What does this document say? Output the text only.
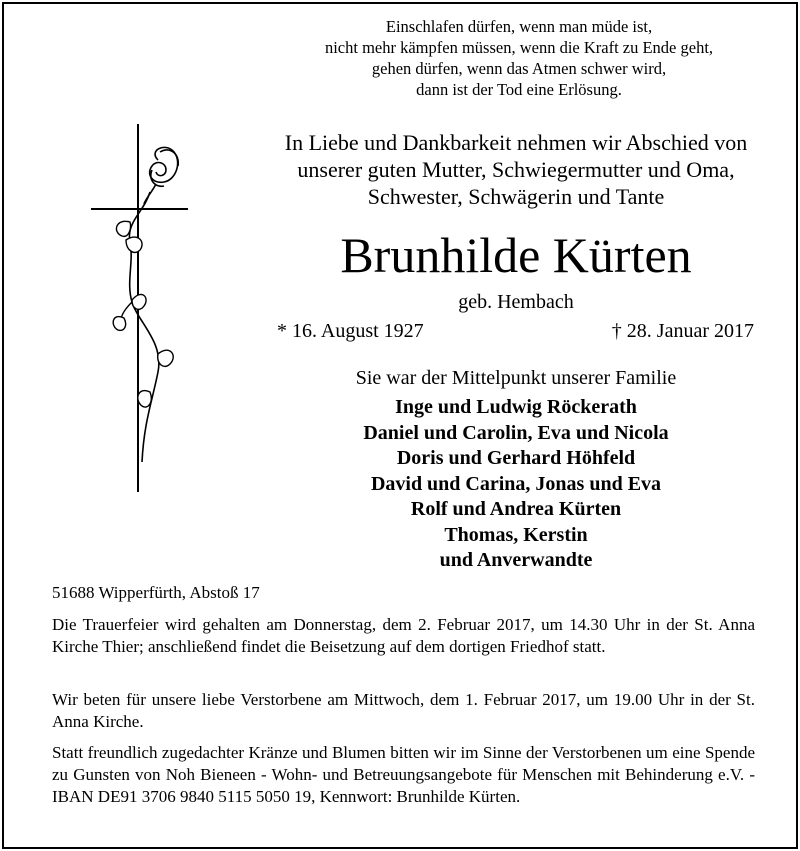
Einschlafen dürfen, wenn man müde ist,
nicht mehr kämpfen müssen, wenn die Kraft zu Ende geht,
gehen dürfen, wenn das Atmen schwer wird,
dann ist der Tod eine Erlösung.
In Liebe und Dankbarkeit nehmen wir Abschied von
unserer guten Mutter, Schwiegermutter und Oma,
Schwester, Schwägerin und Tante
Brunhilde Kürten
geb. Hembach
* 16. August 1927	† 28. Januar 2017
Sie war der Mittelpunkt unserer Familie
Inge und Ludwig Röckerath
Daniel und Carolin, Eva und Nicola
Doris und Gerhard Höhfeld
David und Carina, Jonas und Eva
Rolf und Andrea Kürten
Thomas, Kerstin
und Anverwandte
51688 Wipperfürth, Abstoß 17
Die Trauerfeier wird gehalten am Donnerstag, dem 2. Februar 2017, um 14.30 Uhr in der St. Anna Kirche Thier; anschließend findet die Beisetzung auf dem dortigen Friedhof statt.
Wir beten für unsere liebe Verstorbene am Mittwoch, dem 1. Februar 2017, um 19.00 Uhr in der St. Anna Kirche.
Statt freundlich zugedachter Kränze und Blumen bitten wir im Sinne der Verstorbenen um eine Spende zu Gunsten von Noh Bieneen - Wohn- und Betreuungsangebote für Menschen mit Behinderung e.V. - IBAN DE91 3706 9840 5115 5050 19, Kennwort: Brunhilde Kürten.
